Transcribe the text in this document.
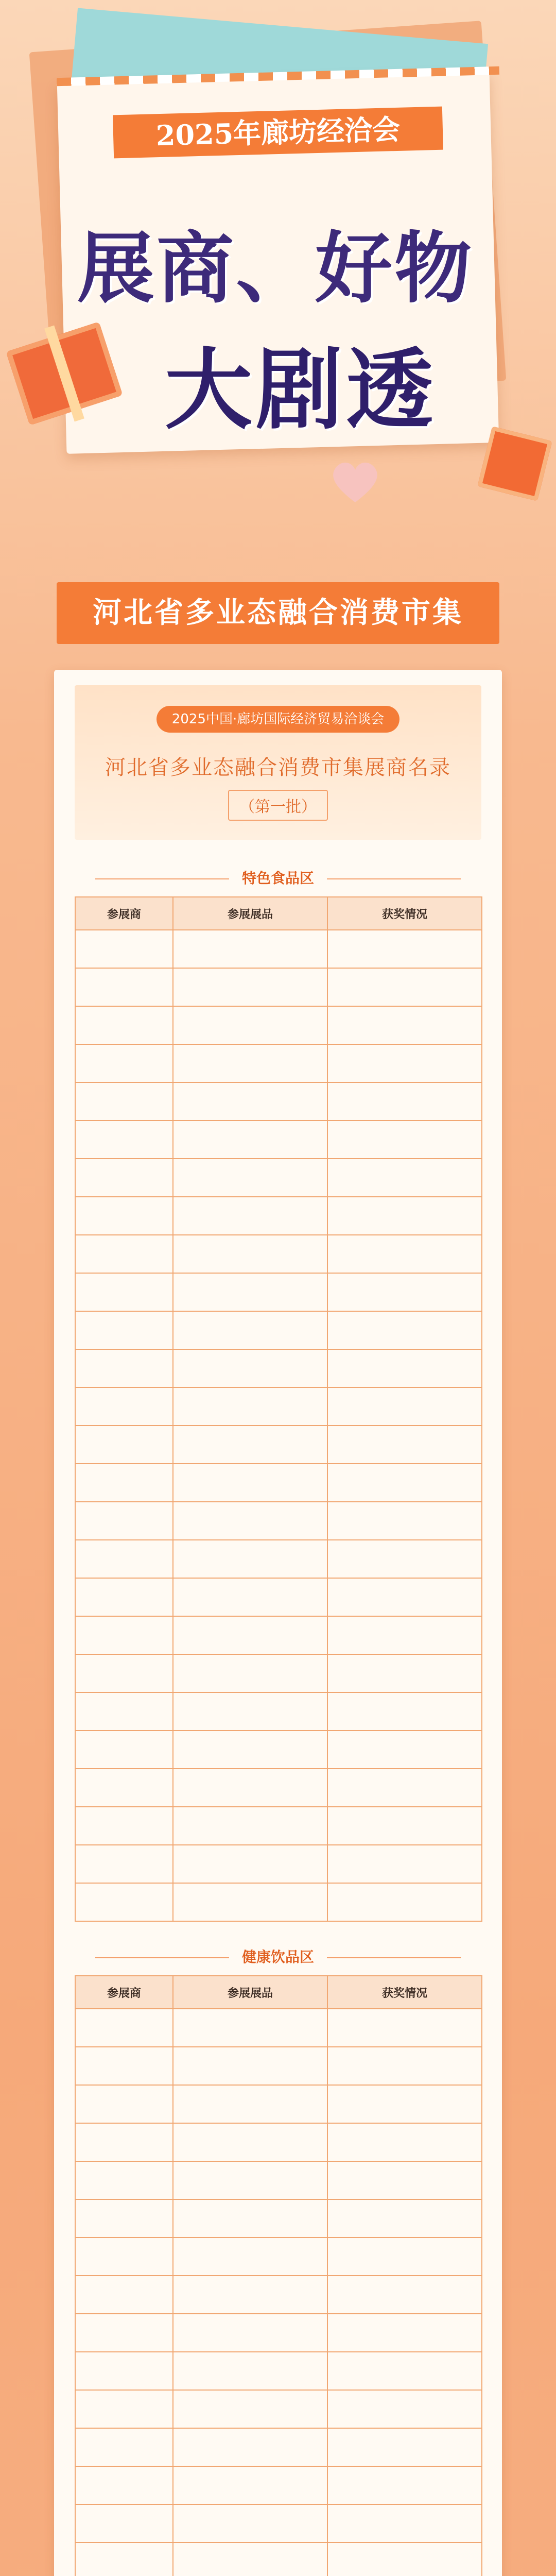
2025年廊坊经洽会
展商、好物
大剧透
河北省多业态融合消费市集
2025中国·廊坊国际经济贸易洽谈会
河北省多业态融合消费市集展商名录
（第一批）
特色食品区
参展商	参展展品	获奖情况

健康饮品区
参展商	参展展品	获奖情况
